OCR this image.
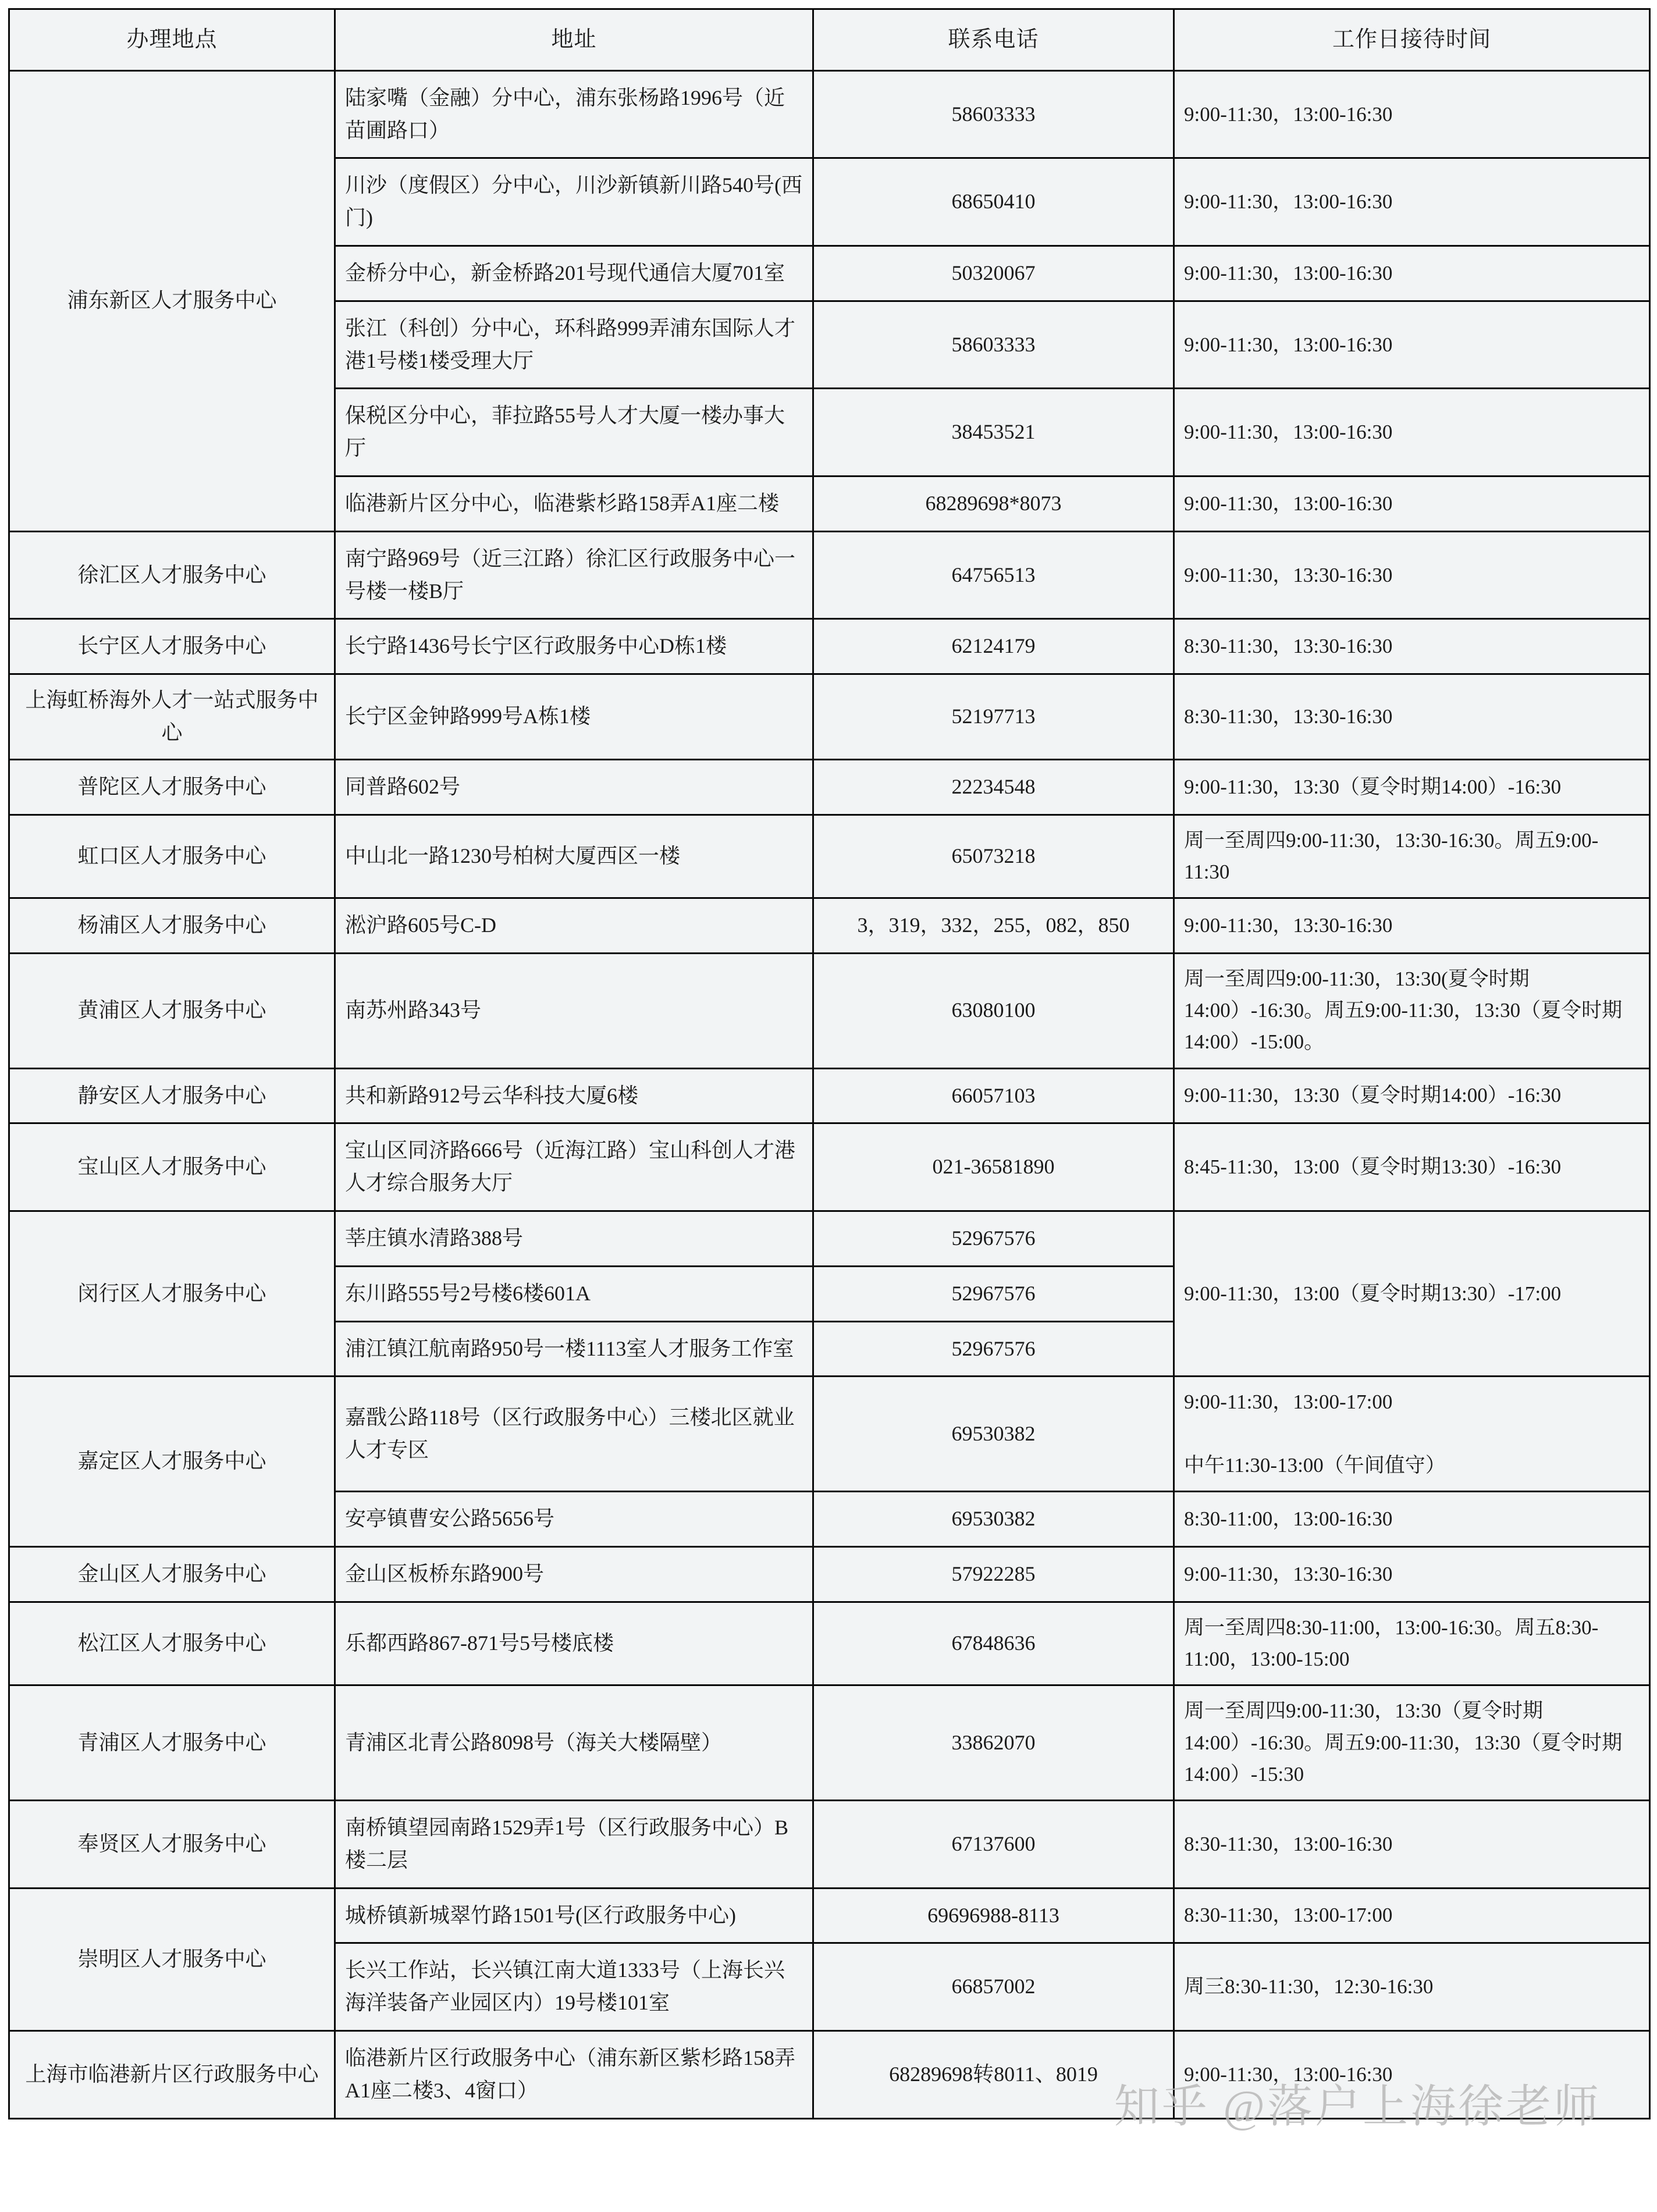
办理地点	地址	联系电话	工作日接待时间
浦东新区人才服务中心	陆家嘴（金融）分中心，浦东张杨路1996号（近苗圃路口）	58603333	9:00-11:30，13:00-16:30
	川沙（度假区）分中心，川沙新镇新川路540号(西门)	68650410	9:00-11:30，13:00-16:30
	金桥分中心，新金桥路201号现代通信大厦701室	50320067	9:00-11:30，13:00-16:30
	张江（科创）分中心，环科路999弄浦东国际人才港1号楼1楼受理大厅	58603333	9:00-11:30，13:00-16:30
	保税区分中心，菲拉路55号人才大厦一楼办事大厅	38453521	9:00-11:30，13:00-16:30
	临港新片区分中心，临港紫杉路158弄A1座二楼	68289698*8073	9:00-11:30，13:00-16:30
徐汇区人才服务中心	南宁路969号（近三江路）徐汇区行政服务中心一号楼一楼B厅	64756513	9:00-11:30，13:30-16:30
长宁区人才服务中心	长宁路1436号长宁区行政服务中心D栋1楼	62124179	8:30-11:30，13:30-16:30
上海虹桥海外人才一站式服务中心	长宁区金钟路999号A栋1楼	52197713	8:30-11:30，13:30-16:30
普陀区人才服务中心	同普路602号	22234548	9:00-11:30，13:30（夏令时期14:00）-16:30
虹口区人才服务中心	中山北一路1230号柏树大厦西区一楼	65073218	周一至周四9:00-11:30，13:30-16:30。周五9:00-11:30
杨浦区人才服务中心	淞沪路605号C-D	3，319，332，255，082，850	9:00-11:30，13:30-16:30
黄浦区人才服务中心	南苏州路343号	63080100	周一至周四9:00-11:30，13:30(夏令时期14:00）-16:30。周五9:00-11:30，13:30（夏令时期14:00）-15:00。
静安区人才服务中心	共和新路912号云华科技大厦6楼	66057103	9:00-11:30，13:30（夏令时期14:00）-16:30
宝山区人才服务中心	宝山区同济路666号（近海江路）宝山科创人才港人才综合服务大厅	021-36581890	8:45-11:30，13:00（夏令时期13:30）-16:30
闵行区人才服务中心	莘庄镇水清路388号	52967576	9:00-11:30，13:00（夏令时期13:30）-17:00
	东川路555号2号楼6楼601A	52967576	
	浦江镇江航南路950号一楼1113室人才服务工作室	52967576	
嘉定区人才服务中心	嘉戬公路118号（区行政服务中心）三楼北区就业人才专区	69530382	9:00-11:30，13:00-17:00

中午11:30-13:00（午间值守）
	安亭镇曹安公路5656号	69530382	8:30-11:00，13:00-16:30
金山区人才服务中心	金山区板桥东路900号	57922285	9:00-11:30，13:30-16:30
松江区人才服务中心	乐都西路867-871号5号楼底楼	67848636	周一至周四8:30-11:00，13:00-16:30。周五8:30-11:00，13:00-15:00
青浦区人才服务中心	青浦区北青公路8098号（海关大楼隔壁）	33862070	周一至周四9:00-11:30，13:30（夏令时期14:00）-16:30。周五9:00-11:30，13:30（夏令时期14:00）-15:30
奉贤区人才服务中心	南桥镇望园南路1529弄1号（区行政服务中心）B楼二层	67137600	8:30-11:30，13:00-16:30
崇明区人才服务中心	城桥镇新城翠竹路1501号(区行政服务中心)	69696988-8113	8:30-11:30，13:00-17:00
	长兴工作站，长兴镇江南大道1333号（上海长兴海洋装备产业园区内）19号楼101室	66857002	周三8:30-11:30，12:30-16:30
上海市临港新片区行政服务中心	临港新片区行政服务中心（浦东新区紫杉路158弄A1座二楼3、4窗口）	68289698转8011、8019	9:00-11:30，13:00-16:30
知乎 @落户上海徐老师
